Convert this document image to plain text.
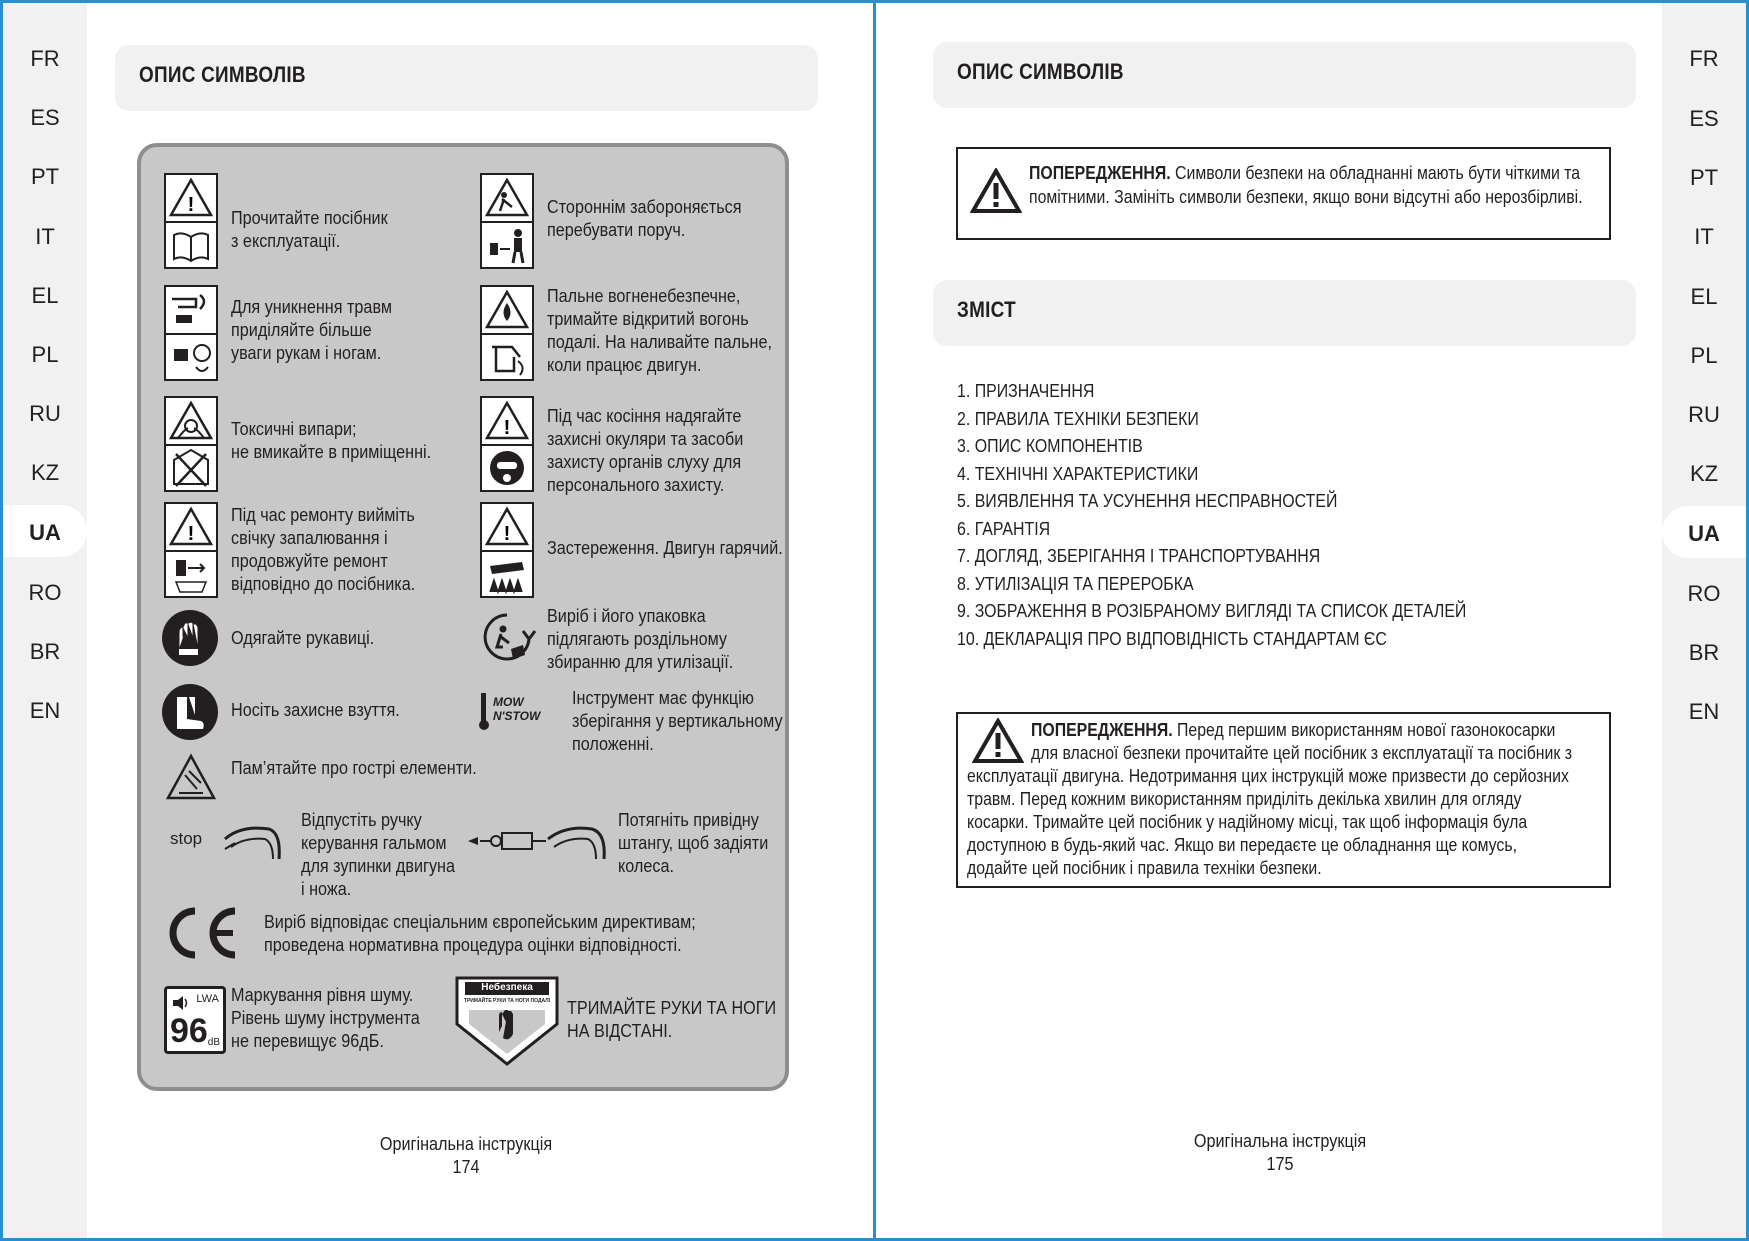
FR
ES
PT
IT
EL
PL
RU
KZ
UA
RO
BR
EN
ОПИС СИМВОЛІВ
!
Прочитайте посібник
з експлуатації.
Стороннім забороняється
перебувати поруч.
Для уникнення травм
приділяйте більше
уваги рукам і ногам.
Пальне вогненебезпечне,
тримайте відкритий вогонь
подалі. На наливайте пальне,
коли працює двигун.
Токсичні випари;
не вмикайте в приміщенні.
!
Під час косіння надягайте
захисні окуляри та засоби
захисту органів слуху для
персонального захисту.
!
Під час ремонту вийміть
свічку запалювання і
продовжуйте ремонт
відповідно до посібника.
!
Застереження. Двигун гарячий.
Одягайте рукавиці.
Виріб і його упаковка
підлягають роздільному
збиранню для утилізації.
Носіть захисне взуття.	MOW
N'STOW
Інструмент має функцію
зберігання у вертикальному
положенні.
Пам’ятайте про гострі елементи.
stop
Відпустіть ручку
керування гальмом
для зупинки двигуна
і ножа.
Потягніть привідну
штангу, щоб задіяти
колеса.
Виріб відповідає спеціальним європейським директивам;
проведена нормативна процедура оцінки відповідності.
LWA
96 dB
Маркування рівня шуму.
Рівень шуму інструмента
не перевищує 96дБ.
Небезпека
ТРИМАЙТЕ РУКИ ТА НОГИ ПОДАЛІ ТРИМАЙТЕ РУКИ ТА НОГИ
НА ВІДСТАНІ.
Оригінальна інструкція
174
FR
ES
PT
IT
EL
PL
RU
KZ
UA
RO
BR
EN
ОПИС СИМВОЛІВ
ПОПЕРЕДЖЕННЯ. Символи безпеки на обладнанні мають бути чіткими та
помітними. Замініть символи безпеки, якщо вони відсутні або нерозбірливі.
ЗМІСТ
1. ПРИЗНАЧЕННЯ
2. ПРАВИЛА ТЕХНІКИ БЕЗПЕКИ
3. ОПИС КОМПОНЕНТІВ
4. ТЕХНІЧНІ ХАРАКТЕРИСТИКИ
5. ВИЯВЛЕННЯ ТА УСУНЕННЯ НЕСПРАВНОСТЕЙ
6. ГАРАНТІЯ
7. ДОГЛЯД, ЗБЕРІГАННЯ І ТРАНСПОРТУВАННЯ
8. УТИЛІЗАЦІЯ ТА ПЕРЕРОБКА
9. ЗОБРАЖЕННЯ В РОЗІБРАНОМУ ВИГЛЯДІ ТА СПИСОК ДЕТАЛЕЙ
10. ДЕКЛАРАЦІЯ ПРО ВІДПОВІДНІСТЬ СТАНДАРТАМ ЄС
ПОПЕРЕДЖЕННЯ. Перед першим використанням нової газонокосарки
для власної безпеки прочитайте цей посібник з експлуатації та посібник з
експлуатації двигуна. Недотримання цих інструкцій може призвести до серйозних
травм. Перед кожним використанням приділіть декілька хвилин для огляду
косарки. Тримайте цей посібник у надійному місці, так щоб інформація була
доступною в будь-який час. Якщо ви передаєте це обладнання ще комусь,
додайте цей посібник і правила техніки безпеки.
Оригінальна інструкція
175
